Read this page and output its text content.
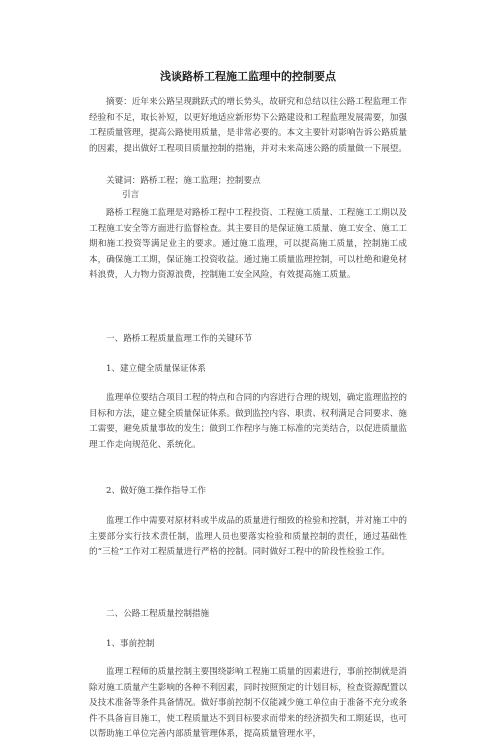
浅谈路桥工程施工监理中的控制要点

摘要：近年来公路呈现跳跃式的增长势头，故研究和总结以往公路工程监理工作经验和不足，取长补短，以更好地适应新形势下公路建设和工程监理发展需要，加强工程质量管理，提高公路使用质量，是非常必要的。本文主要针对影响告诉公路质量的因素，提出做好工程项目质量控制的措施，并对未来高速公路的质量做一下展望。

关键词：路桥工程；施工监理；控制要点

引言

路桥工程施工监理是对路桥工程中工程投资、工程施工质量、工程施工工期以及工程施工安全等方面进行监督检查。其主要目的是保证施工质量、施工安全、施工工期和施工投资等满足业主的要求。通过施工监理，可以提高施工质量，控制施工成本，确保施工工期，保证施工投资收益。通过施工质量监理控制，可以杜绝和避免材料浪费，人力物力资源浪费，控制施工安全风险，有效提高施工质量。

一、路桥工程质量监理工作的关键环节

1、建立健全质量保证体系

监理单位要结合项目工程的特点和合同的内容进行合理的规划，确定监理监控的目标和方法，建立健全质量保证体系。做到监控内容、职责、权利满足合同要求、施工需要，避免质量事故的发生；做到工作程序与施工标准的完美结合，以促进质量监理工作走向规范化、系统化。

2、做好施工操作指导工作

监理工作中需要对原材料或半成品的质量进行细致的检验和控制，并对施工中的主要部分实行技术责任制，监理人员也要落实检验和质量控制的责任，通过基础性的“三检”工作对工程质量进行严格的控制。同时做好工程中的阶段性检验工作。

二、公路工程质量控制措施

1、事前控制

监理工程师的质量控制主要围绕影响工程施工质量的因素进行，事前控制就是消除对施工质量产生影响的各种不利因素，同时按照预定的计划目标，检查资源配置以及技术准备等条件具备情况。做好事前控制不仅能减少施工单位由于准备不充分或条件不具备盲目施工，使工程质量达不到目标要求而带来的经济损失和工期延误，也可以帮助施工单位完善内部质量管理体系，提高质量管理水平，
